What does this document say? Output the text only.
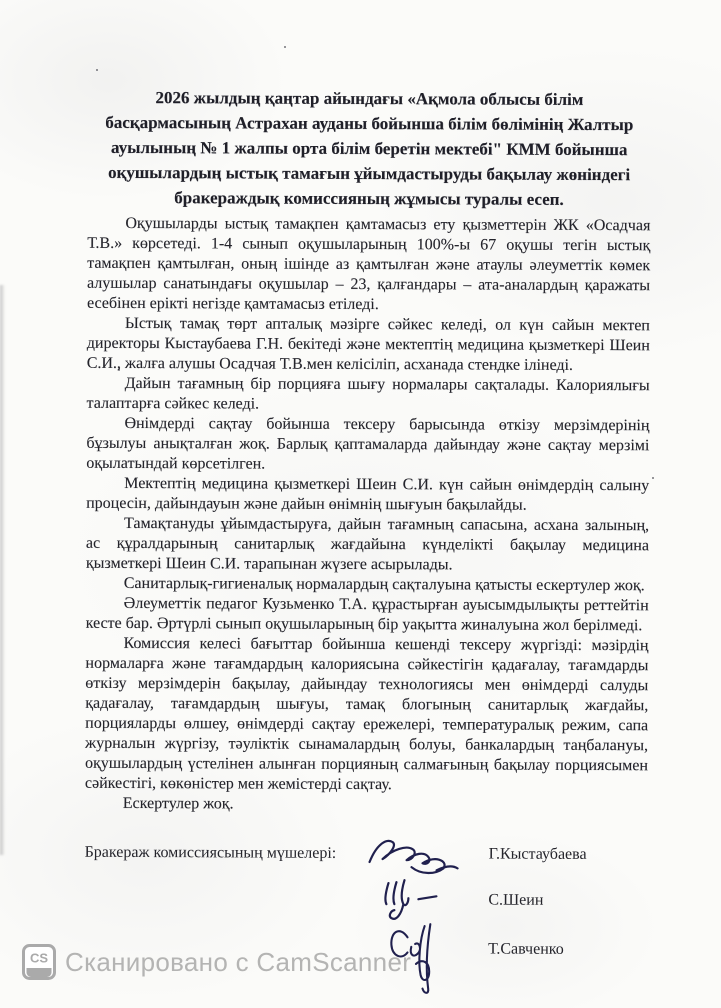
CS Сканировано с CamScanner
2026 жылдың қаңтар айындағы «Ақмола облысы білім
басқармасының Астрахан ауданы бойынша білім бөлімінің Жалтыр
ауылының № 1 жалпы орта білім беретін мектебі" КММ бойынша
оқушылардың ыстық тамағын ұйымдастыруды бақылау жөніндегі
бракераждық комиссияның жұмысы туралы есеп.

Оқушыларды ыстық тамақпен қамтамасыз ету қызметтерін ЖК «Осадчая Т.В.» көрсетеді. 1-4 сынып оқушыларының 100%-ы 67 оқушы тегін ыстық тамақпен қамтылған, оның ішінде аз қамтылған және атаулы әлеуметтік көмек алушылар санатындағы оқушылар – 23, қалғандары – ата-аналардың қаражаты есебінен ерікті негізде қамтамасыз етіледі.

Ыстық тамақ төрт апталық мәзірге сәйкес келеді, ол күн сайын мектеп директоры Кыстаубаева Г.Н. бекітеді және мектептің медицина қызметкері Шеин С.И., жалға алушы Осадчая Т.В.мен келісіліп, асханада стендке ілінеді.

Дайын тағамның бір порцияға шығу нормалары сақталады. Калориялығы талаптарға сәйкес келеді.

Өнімдерді сақтау бойынша тексеру барысында өткізу мерзімдерінің бұзылуы анықталған жоқ. Барлық қаптамаларда дайындау және сақтау мерзімі оқылатындай көрсетілген.

Мектептің медицина қызметкері Шеин С.И. күн сайын өнімдердің салыну процесін, дайындауын және дайын өнімнің шығуын бақылайды.

Тамақтануды ұйымдастыруға, дайын тағамның сапасына, асхана залының, ас құралдарының санитарлық жағдайына күнделікті бақылау медицина қызметкері Шеин С.И. тарапынан жүзеге асырылады.

Санитарлық-гигиеналық нормалардың сақталуына қатысты ескертулер жоқ.

Әлеуметтік педагог Кузьменко Т.А. құрастырған ауысымдылықты реттейтін кесте бар. Әртүрлі сынып оқушыларының бір уақытта жиналуына жол берілмеді.

Комиссия келесі бағыттар бойынша кешенді тексеру жүргізді: мәзірдің нормаларға және тағамдардың калориясына сәйкестігін қадағалау, тағамдарды өткізу мерзімдерін бақылау, дайындау технологиясы мен өнімдерді салуды қадағалау, тағамдардың шығуы, тамақ блогының санитарлық жағдайы, порцияларды өлшеу, өнімдерді сақтау ережелері, температуралық режим, сапа журналын жүргізу, тәуліктік сынамалардың болуы, банкалардың таңбалануы, оқушылардың үстелінен алынған порцияның салмағының бақылау порциясымен сәйкестігі, көкөністер мен жемістерді сақтау.

Ескертулер жоқ.

Бракераж комиссиясының мүшелері:	Г.Кыстаубаева
С.Шеин
Т.Савченко
